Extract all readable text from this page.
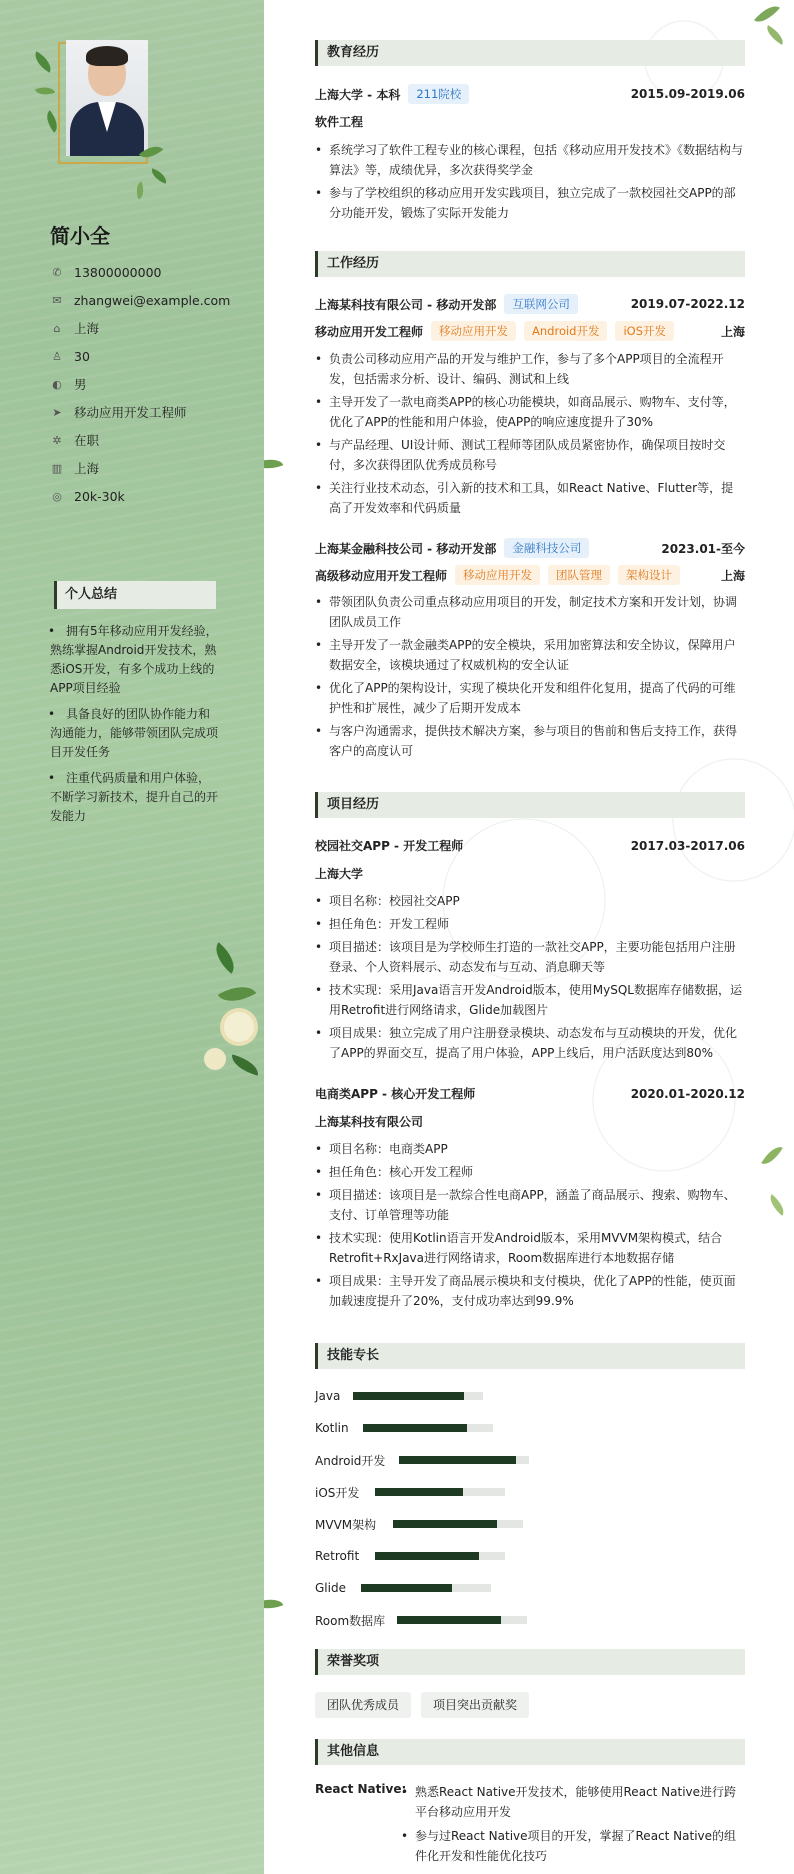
简小全
✆ 13800000000
✉ zhangwei@example.com
⌂ 上海
♙ 30
◐ 男
➤ 移动应用开发工程师
✲ 在职
▥ 上海
◎ 20k-30k
个人总结
• 拥有5年移动应用开发经验，熟练掌握Android开发技术，熟悉iOS开发，有多个成功上线的APP项目经验
• 具备良好的团队协作能力和沟通能力，能够带领团队完成项目开发任务
• 注重代码质量和用户体验，不断学习新技术，提升自己的开发能力
教育经历
上海大学 - 本科	211院校	2015.09-2019.06
软件工程
• 系统学习了软件工程专业的核心课程，包括《移动应用开发技术》《数据结构与算法》等，成绩优异，多次获得奖学金
• 参与了学校组织的移动应用开发实践项目，独立完成了一款校园社交APP的部分功能开发，锻炼了实际开发能力
工作经历
上海某科技有限公司 - 移动开发部	互联网公司	2019.07-2022.12
移动应用开发工程师	移动应用开发	Android开发	iOS开发	上海
• 负责公司移动应用产品的开发与维护工作，参与了多个APP项目的全流程开发，包括需求分析、设计、编码、测试和上线
• 主导开发了一款电商类APP的核心功能模块，如商品展示、购物车、支付等，优化了APP的性能和用户体验，使APP的响应速度提升了30%
• 与产品经理、UI设计师、测试工程师等团队成员紧密协作，确保项目按时交付，多次获得团队优秀成员称号
• 关注行业技术动态，引入新的技术和工具，如React Native、Flutter等，提高了开发效率和代码质量
上海某金融科技公司 - 移动开发部	金融科技公司	2023.01-至今
高级移动应用开发工程师	移动应用开发	团队管理	架构设计	上海
• 带领团队负责公司重点移动应用项目的开发，制定技术方案和开发计划，协调团队成员工作
• 主导开发了一款金融类APP的安全模块，采用加密算法和安全协议，保障用户数据安全，该模块通过了权威机构的安全认证
• 优化了APP的架构设计，实现了模块化开发和组件化复用，提高了代码的可维护性和扩展性，减少了后期开发成本
• 与客户沟通需求，提供技术解决方案，参与项目的售前和售后支持工作，获得客户的高度认可
项目经历
校园社交APP - 开发工程师	2017.03-2017.06
上海大学
• 项目名称：校园社交APP
• 担任角色：开发工程师
• 项目描述：该项目是为学校师生打造的一款社交APP，主要功能包括用户注册登录、个人资料展示、动态发布与互动、消息聊天等
• 技术实现：采用Java语言开发Android版本，使用MySQL数据库存储数据，运用Retrofit进行网络请求，Glide加载图片
• 项目成果：独立完成了用户注册登录模块、动态发布与互动模块的开发，优化了APP的界面交互，提高了用户体验，APP上线后，用户活跃度达到80%
电商类APP - 核心开发工程师	2020.01-2020.12
上海某科技有限公司
• 项目名称：电商类APP
• 担任角色：核心开发工程师
• 项目描述：该项目是一款综合性电商APP，涵盖了商品展示、搜索、购物车、支付、订单管理等功能
• 技术实现：使用Kotlin语言开发Android版本，采用MVVM架构模式，结合Retrofit+RxJava进行网络请求，Room数据库进行本地数据存储
• 项目成果：主导开发了商品展示模块和支付模块，优化了APP的性能，使页面加载速度提升了20%，支付成功率达到99.9%
技能专长
Java
Kotlin
Android开发
iOS开发
MVVM架构
Retrofit
Glide
Room数据库
荣誉奖项
团队优秀成员	项目突出贡献奖
其他信息
React Native:
• 熟悉React Native开发技术，能够使用React Native进行跨平台移动应用开发
• 参与过React Native项目的开发，掌握了React Native的组件化开发和性能优化技巧
